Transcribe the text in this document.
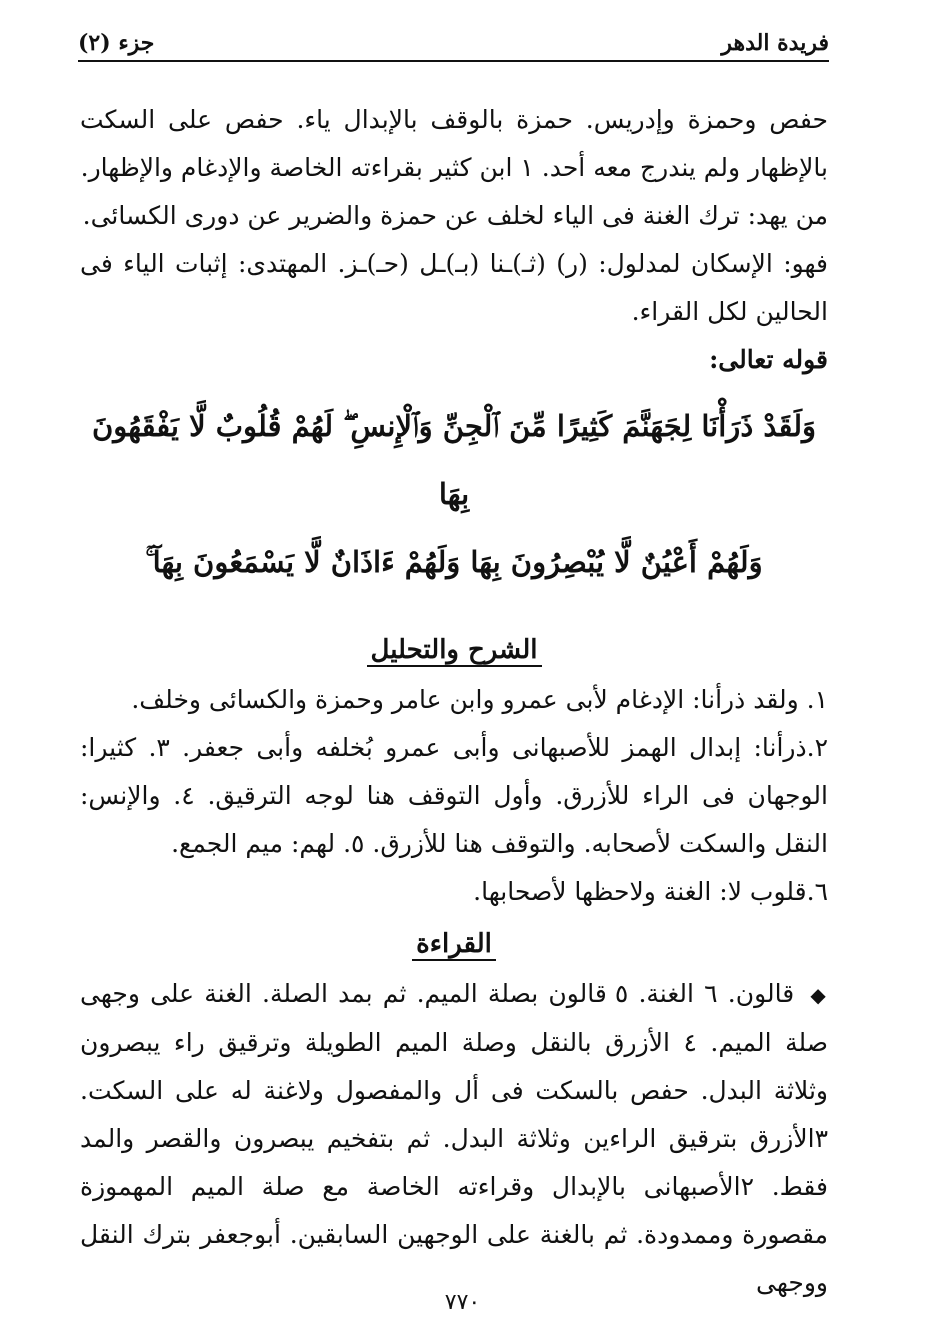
فريدة الدهر
جزء (٢)

حفص وحمزة وإدريس. حمزة بالوقف بالإبدال ياء. حفص على السكت بالإظهار ولم يندرج معه أحد. ١ ابن كثير بقراءته الخاصة والإدغام والإظهار.

من يهد: ترك الغنة فى الياء لخلف عن حمزة والضرير عن دورى الكسائى.

فهو: الإسكان لمدلول: (ر) (ثـ)ـنا (بـ)ـل (حـ)ـز. المهتدى: إثبات الياء فى الحالين لكل القراء.

قوله تعالى:

وَلَقَدْ ذَرَأْنَا لِجَهَنَّمَ كَثِيرًا مِّنَ ٱلْجِنِّ وَٱلْإِنسِ ۖ لَهُمْ قُلُوبٌ لَّا يَفْقَهُونَ بِهَا
وَلَهُمْ أَعْيُنٌ لَّا يُبْصِرُونَ بِهَا وَلَهُمْ ءَاذَانٌ لَّا يَسْمَعُونَ بِهَآ ۚ
الشرح والتحليل

١. ولقد ذرأنا: الإدغام لأبى عمرو وابن عامر وحمزة والكسائى وخلف.

٢.ذرأنا: إبدال الهمز للأصبهانى وأبى عمرو بُخلفه وأبى جعفر. ٣. كثيرا: الوجهان فى الراء للأزرق. وأول التوقف هنا لوجه الترقيق. ٤. والإنس: النقل والسكت لأصحابه. والتوقف هنا للأزرق. ٥. لهم: ميم الجمع.

٦.قلوب لا: الغنة ولاحظها لأصحابها.

القراءة

◆ قالون. ٦ الغنة. ٥ قالون بصلة الميم. ثم بمد الصلة. الغنة على وجهى صلة الميم. ٤ الأزرق بالنقل وصلة الميم الطويلة وترقيق راء يبصرون وثلاثة البدل. حفص بالسكت فى أل والمفصول ولاغنة له على السكت. ٣الأزرق بترقيق الراءين وثلاثة البدل. ثم بتفخيم يبصرون والقصر والمد فقط. ٢الأصبهانى بالإبدال وقراءته الخاصة مع صلة الميم المهموزة مقصورة وممدودة. ثم بالغنة على الوجهين السابقين. أبوجعفر بترك النقل ووجهى

٧٧٠
